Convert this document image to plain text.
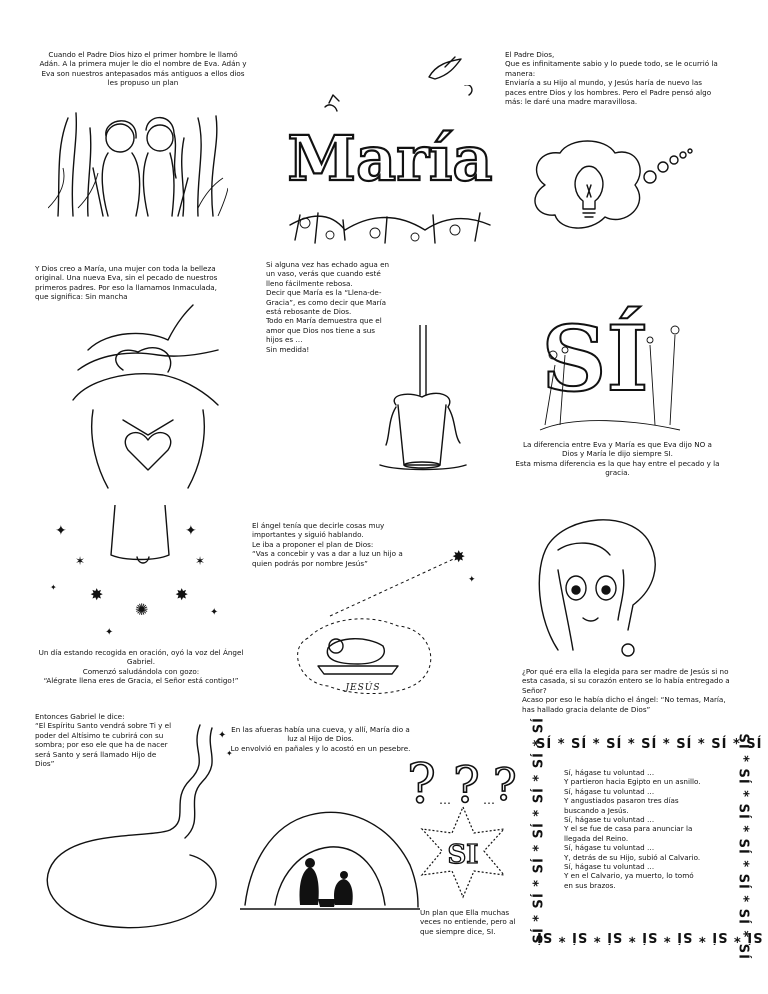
Cuando el Padre Dios hizo el primer hombre le llamó Adán. A la primera mujer le dio el nombre de Eva. Adán y Eva son nuestros antepasados más antiguos a ellos dios les propuso un plan
María
El Padre Dios,
Que es infinitamente sabio y lo puede todo, se le ocurrió la manera:
Enviaría a su Hijo al mundo, y Jesús haría de nuevo las paces entre Dios y los hombres. Pero el Padre pensó algo más: le daré una madre maravillosa.
Y Dios creo a María, una mujer con toda la belleza original. Una nueva Eva, sin el pecado de nuestros primeros padres. Por eso la llamamos Inmaculada, que significa: Sin mancha
Si alguna vez has echado agua en un vaso, verás que cuando esté lleno fácilmente rebosa.
Decir que María es la “Llena-de-Gracia”, es como decir que María está rebosante de Dios.
Todo en María demuestra que el amor que Dios nos tiene a sus hijos es …
Sin medida!	SÍ
La diferencia entre Eva y María es que Eva dijo NO a Dios y María le dijo siempre SI.
Esta misma diferencia es la que hay entre el pecado y la gracia.
✦
✶
✦
✶
✸	✸
✺
✦
✦
✦
Un día estando recogida en oración, oyó la voz del Ángel Gabriel.
Comenzó saludándola con gozo:
“Alégrate llena eres de Gracia, el Señor está contigo!”
El ángel tenía que decirle cosas muy importantes y siguió hablando.
Le iba a proponer el plan de Dios:
“Vas a concebir y vas a dar a luz un hijo a quien podrás por nombre Jesús”	✸
✦
JESÚS
¿Por qué era ella la elegida para ser madre de Jesús si no esta casada, si su corazón entero se lo había entregado a Señor?
Acaso por eso le había dicho el ángel: “No temas, María, has hallado gracia delante de Dios”
Entonces Gabriel le dice:
“El Espíritu Santo vendrá sobre Ti y el poder del Altísimo te cubrirá con su sombra; por eso ele que ha de nacer será Santo y será llamado Hijo de Dios”
✦
✦
En las afueras había una cueva, y allí, María dio a luz al Hijo de Dios.
Lo envolvió en pañales y lo acostó en un pesebre.
? ? ?
…	…
SI
Un plan que Ella muchas veces no entiende, pero al que siempre dice, SI.
SÍ * SÍ * SÍ * SÍ * SÍ * SÍ * SÍ
SÍ * SÍ * SÍ * SÍ * SÍ * SÍ * SÍ
SÍ * SÍ * SÍ * SÍ * SÍ * SÍ * SÍ	SÍ * SÍ * SÍ * SÍ * SÍ * SÍ * SÍ
Sí, hágase tu voluntad …
Y partieron hacia Egipto en un asnillo.
Sí, hágase tu voluntad …
Y angustiados pasaron tres días buscando a Jesús.
Sí, hágase tu voluntad …
Y el se fue de casa para anunciar la llegada del Reino.
Sí, hágase tu voluntad …
Y, detrás de su Hijo, subió al Calvario.
Sí, hágase tu voluntad …
Y en el Calvario, ya muerto, lo tomó en sus brazos.
